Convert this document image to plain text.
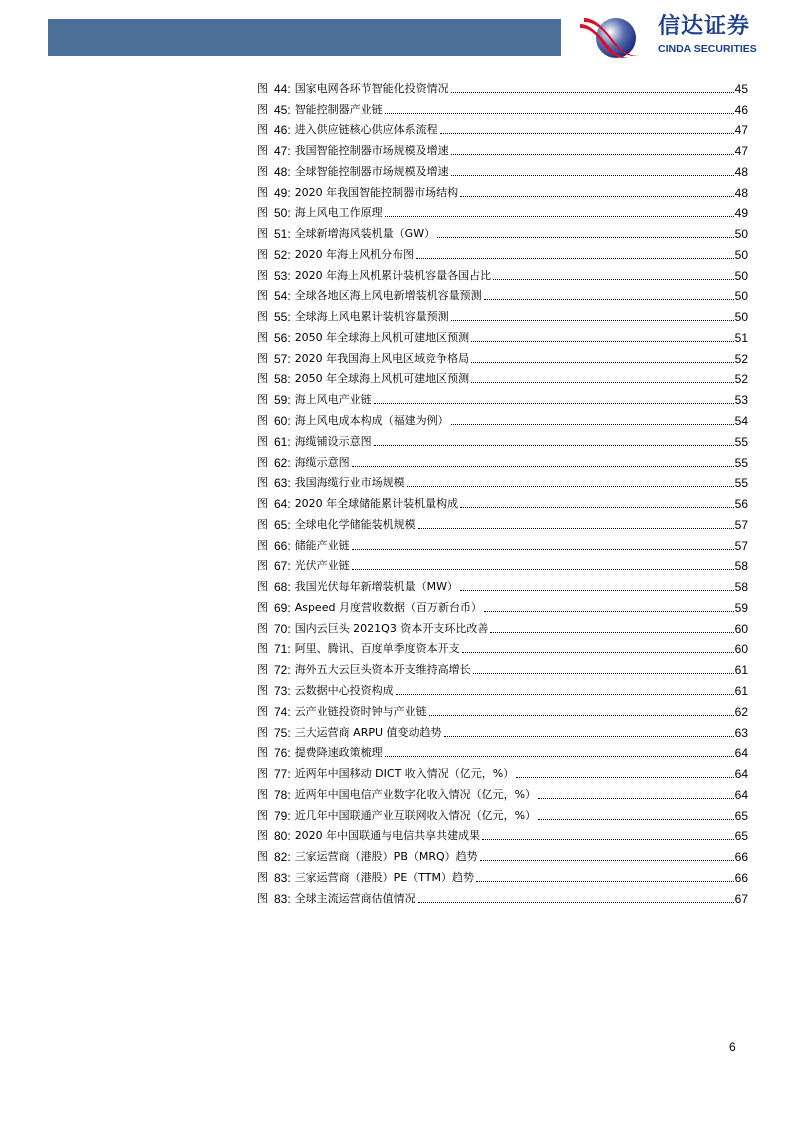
信达证券
CINDA SECURITIES
图 44: 国家电网各环节智能化投资情况	45
图 45: 智能控制器产业链	46
图 46: 进入供应链核心供应体系流程	47
图 47: 我国智能控制器市场规模及增速	47
图 48: 全球智能控制器市场规模及增速	48
图 49: 2020 年我国智能控制器市场结构	48
图 50: 海上风电工作原理	49
图 51: 全球新增海风装机量（GW）	50
图 52: 2020 年海上风机分布图	50
图 53: 2020 年海上风机累计装机容量各国占比	50
图 54: 全球各地区海上风电新增装机容量预测	50
图 55: 全球海上风电累计装机容量预测	50
图 56: 2050 年全球海上风机可建地区预测	51
图 57: 2020 年我国海上风电区域竞争格局	52
图 58: 2050 年全球海上风机可建地区预测	52
图 59: 海上风电产业链	53
图 60: 海上风电成本构成（福建为例）	54
图 61: 海缆铺设示意图	55
图 62: 海缆示意图	55
图 63: 我国海缆行业市场规模	55
图 64: 2020 年全球储能累计装机量构成	56
图 65: 全球电化学储能装机规模	57
图 66: 储能产业链	57
图 67: 光伏产业链	58
图 68: 我国光伏每年新增装机量（MW）	58
图 69: Aspeed 月度营收数据（百万新台币）	59
图 70: 国内云巨头 2021Q3 资本开支环比改善	60
图 71: 阿里、腾讯、百度单季度资本开支	60
图 72: 海外五大云巨头资本开支维持高增长	61
图 73: 云数据中心投资构成	61
图 74: 云产业链投资时钟与产业链	62
图 75: 三大运营商 ARPU 值变动趋势	63
图 76: 提费降速政策梳理	64
图 77: 近两年中国移动 DICT 收入情况（亿元，%）	64
图 78: 近两年中国电信产业数字化收入情况（亿元，%）	64
图 79: 近几年中国联通产业互联网收入情况（亿元，%）	65
图 80: 2020 年中国联通与电信共享共建成果	65
图 82: 三家运营商（港股）PB（MRQ）趋势	66
图 83: 三家运营商（港股）PE（TTM）趋势	66
图 83: 全球主流运营商估值情况	67
6
